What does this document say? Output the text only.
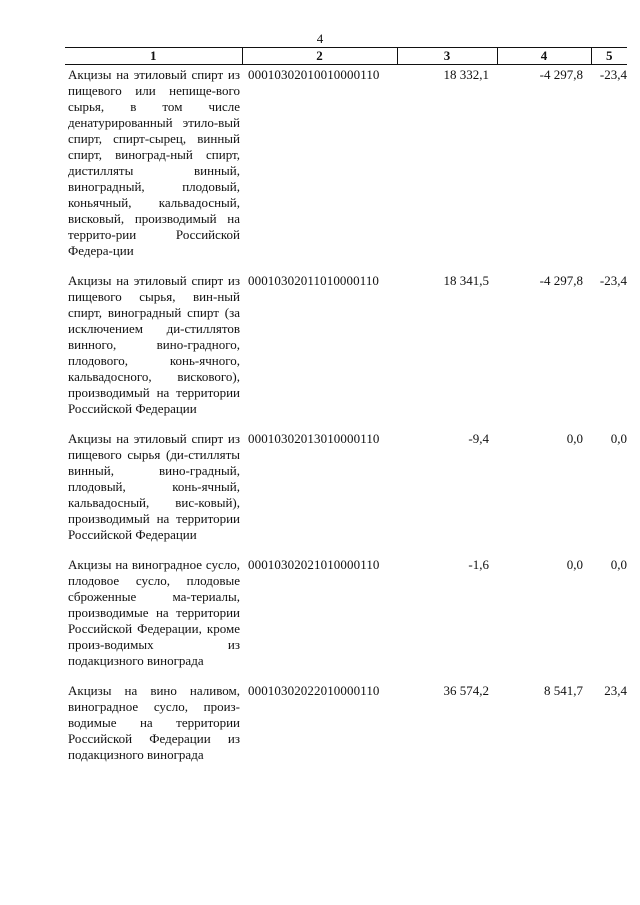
4
1	2	3	4	5
Акцизы на этиловый спирт из пищевого или непище-вого сырья, в том числе денатурированный этило-вый спирт, спирт-сырец, винный спирт, виноград-ный спирт, дистилляты винный, виноградный, плодовый, коньячный, кальвадосный, висковый, производимый на террито-рии Российской Федера-ции	00010302010010000110	18 332,1	-4 297,8	-23,4
Акцизы на этиловый спирт из пищевого сырья, вин-ный спирт, виноградный спирт (за исключением ди-стиллятов винного, вино-градного, плодового, конь-ячного, кальвадосного, вискового), производимый на территории Российской Федерации	00010302011010000110	18 341,5	-4 297,8	-23,4
Акцизы на этиловый спирт из пищевого сырья (ди-стилляты винный, вино-градный, плодовый, конь-ячный, кальвадосный, вис-ковый), производимый на территории Российской Федерации	00010302013010000110	-9,4	0,0	0,0
Акцизы на виноградное сусло, плодовое сусло, плодовые сброженные ма-териалы, производимые на территории Российской Федерации, кроме произ-водимых из подакцизного винограда	00010302021010000110	-1,6	0,0	0,0
Акцизы на вино наливом, виноградное сусло, произ-водимые на территории Российской Федерации из подакцизного винограда	00010302022010000110	36 574,2	8 541,7	23,4
